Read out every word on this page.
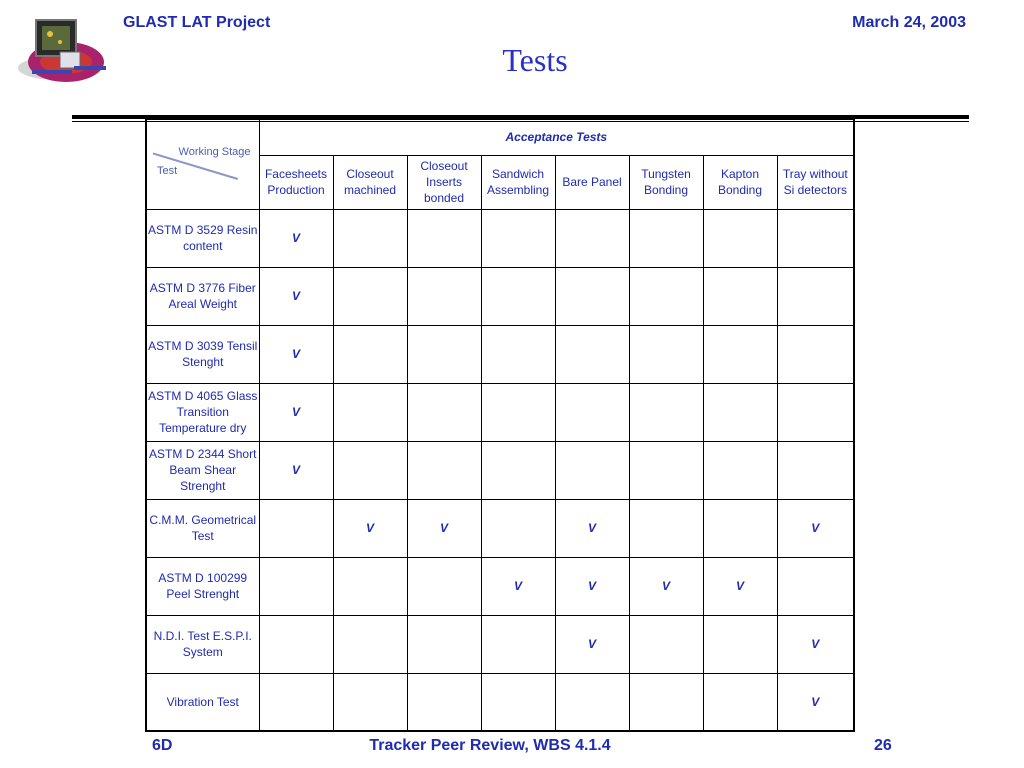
GLAST LAT Project	March 24, 2003
Tests
Working Stage
Test	Acceptance Tests							
	Facesheets Production	Closeout machined	Closeout Inserts bonded	Sandwich Assembling	Bare Panel	Tungsten Bonding	Kapton Bonding	Tray without Si detectors
ASTM D 3529 Resin content	V							
ASTM D 3776 Fiber Areal Weight	V							
ASTM D 3039 Tensil Stenght	V							
ASTM D 4065 Glass Transition Temperature dry	V							
ASTM D 2344 Short Beam Shear Strenght	V							
C.M.M. Geometrical Test		V	V		V			V
ASTM D 100299 Peel Strenght				V	V	V	V	
N.D.I. Test E.S.P.I. System					V			V
Vibration Test								V
6D	Tracker Peer Review, WBS 4.1.4	26
